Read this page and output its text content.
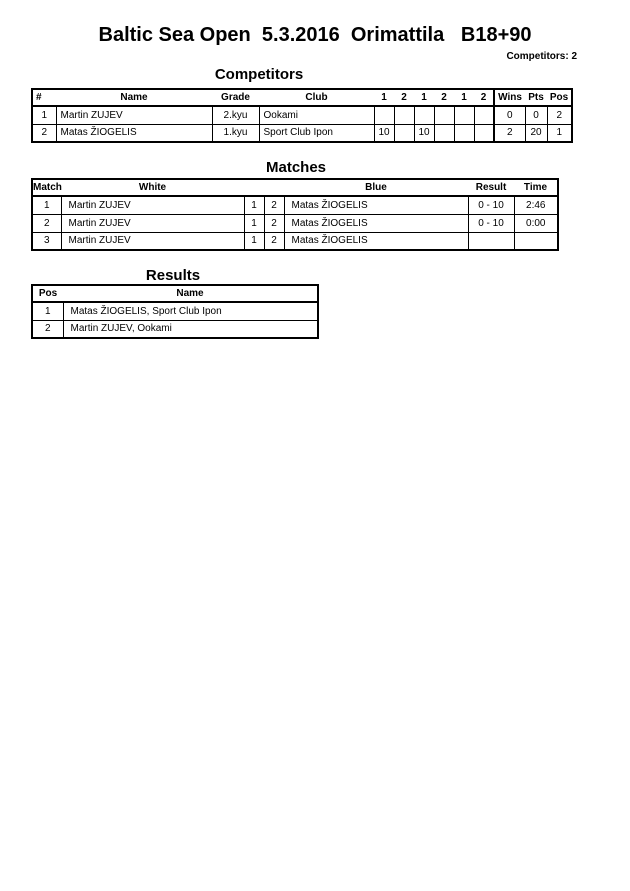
Baltic Sea Open  5.3.2016  Orimattila   B18+90
Competitors: 2
Competitors
#	Name	Grade	Club	1	2	1	2	1	2	Wins	Pts	Pos
1	Martin ZUJEV	2.kyu	Ookami							0	0	2
2	Matas ŽIOGELIS	1.kyu	Sport Club Ipon	10		10				2	20	1
Matches
Match	White			Blue	Result	Time
1	Martin ZUJEV	1	2	Matas ŽIOGELIS	0 - 10	2:46
2	Martin ZUJEV	1	2	Matas ŽIOGELIS	0 - 10	0:00
3	Martin ZUJEV	1	2	Matas ŽIOGELIS		
Results
Pos	Name
1	Matas ŽIOGELIS, Sport Club Ipon
2	Martin ZUJEV, Ookami
